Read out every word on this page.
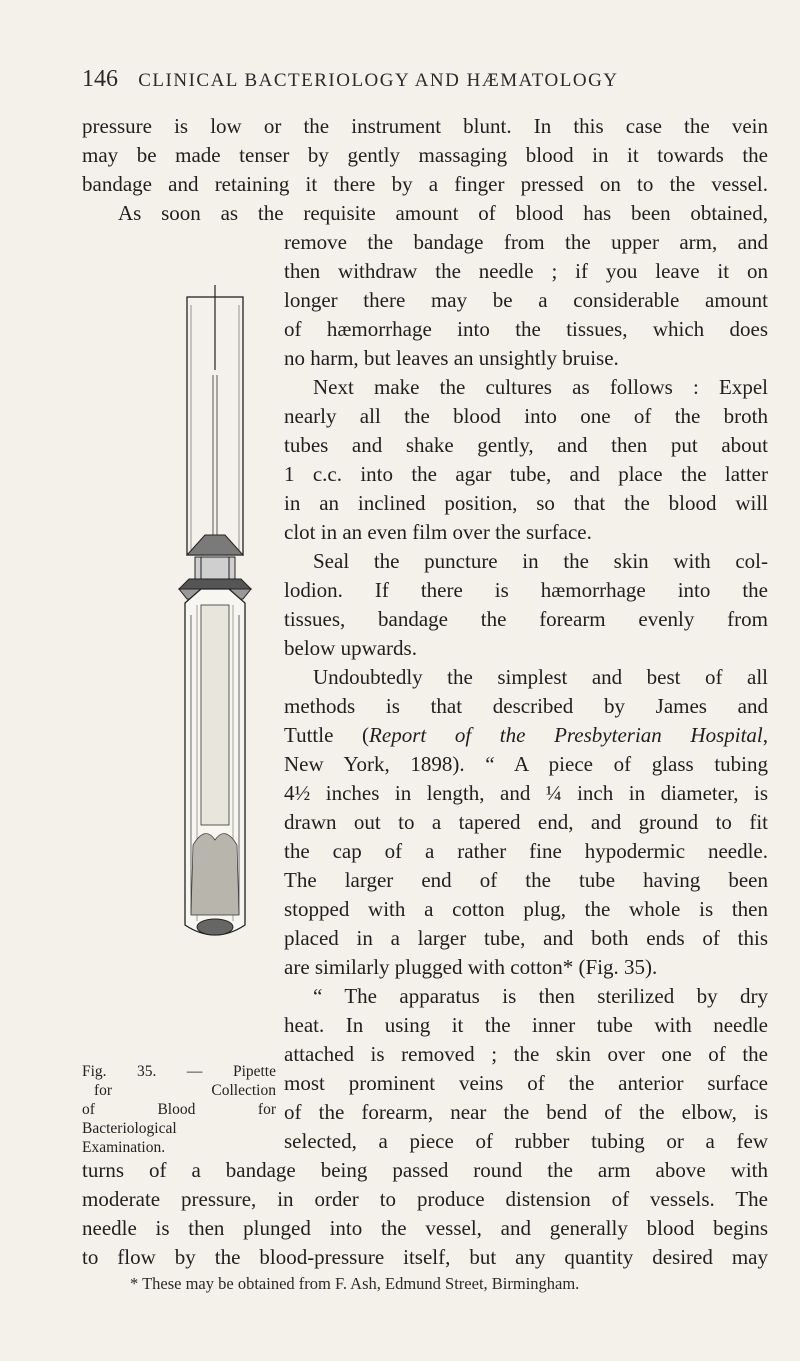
146 CLINICAL BACTERIOLOGY AND HÆMATOLOGY
pressure is low or the instrument blunt. In this case the vein
may be made tenser by gently massaging blood in it towards the
bandage and retaining it there by a finger pressed on to the vessel.
As soon as the requisite amount of blood has been obtained,
remove the bandage from the upper arm, and
then withdraw the needle ; if you leave it on
longer there may be a considerable amount
of hæmorrhage into the tissues, which does
no harm, but leaves an unsightly bruise.
Next make the cultures as follows : Expel
nearly all the blood into one of the broth
tubes and shake gently, and then put about
1 c.c. into the agar tube, and place the latter
in an inclined position, so that the blood will
clot in an even film over the surface.
Seal the puncture in the skin with col-
lodion. If there is hæmorrhage into the
tissues, bandage the forearm evenly from
below upwards.
Undoubtedly the simplest and best of all
methods is that described by James and
Tuttle (Report of the Presbyterian Hospital,
New York, 1898). “ A piece of glass tubing
4½ inches in length, and ¼ inch in diameter, is
drawn out to a tapered end, and ground to fit
the cap of a rather fine hypodermic needle.
The larger end of the tube having been
stopped with a cotton plug, the whole is then
placed in a larger tube, and both ends of this
are similarly plugged with cotton* (Fig. 35).
“ The apparatus is then sterilized by dry
heat. In using it the inner tube with needle
attached is removed ; the skin over one of the
most prominent veins of the anterior surface
of the forearm, near the bend of the elbow, is
selected, a piece of rubber tubing or a few
turns of a bandage being passed round the arm above with
moderate pressure, in order to produce distension of vessels. The
needle is then plunged into the vessel, and generally blood begins
to flow by the blood-pressure itself, but any quantity desired may
Fig. 35. — Pipette
for Collection
of Blood for
Bacteriological
Examination.
* These may be obtained from F. Ash, Edmund Street, Birmingham.
